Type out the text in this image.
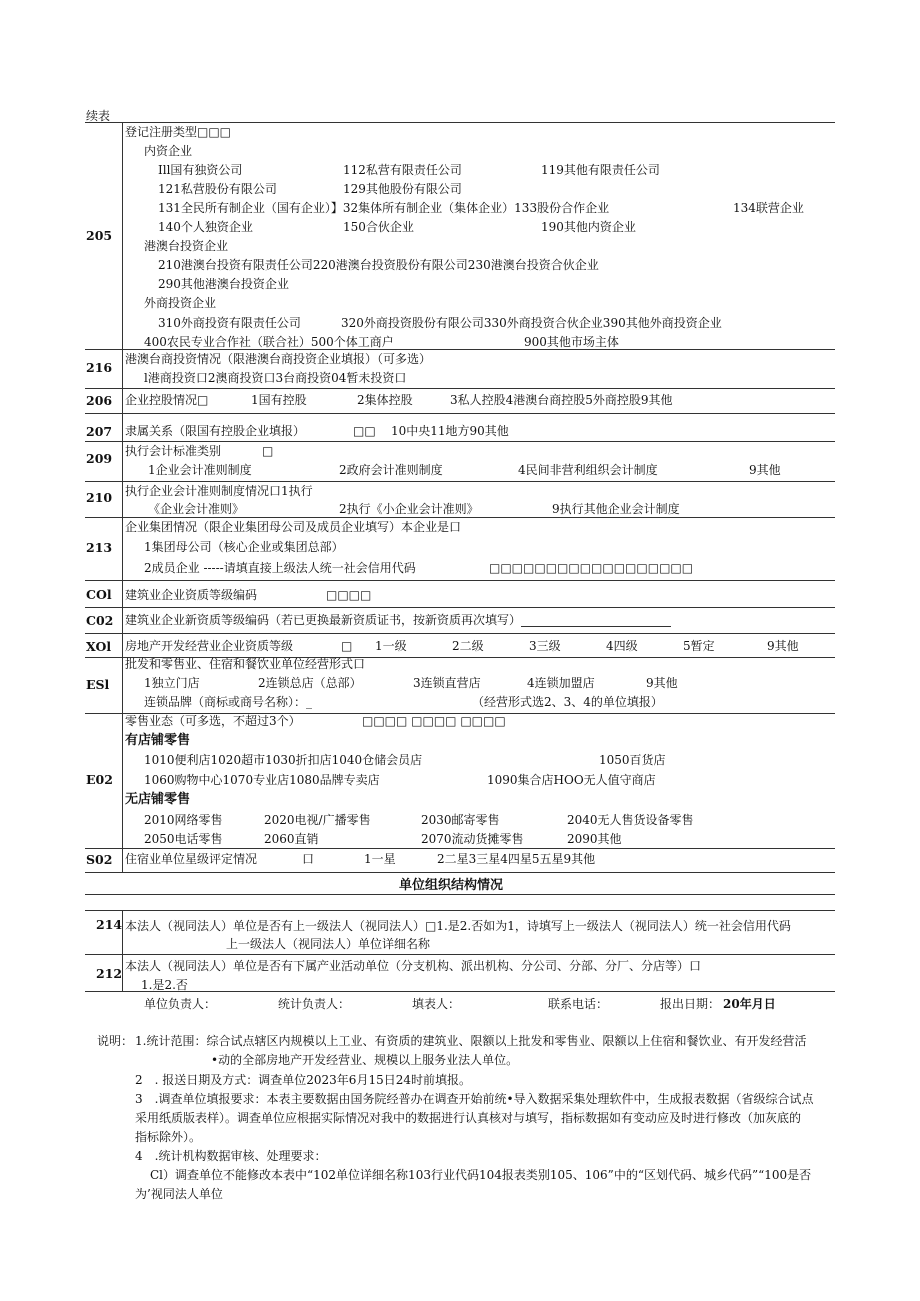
续表
205
登记注册类型□□□
内资企业
Ill国有独资公司	112私营有限责任公司	119其他有限责任公司
121私营股份有限公司	129其他股份有限公司
131全民所有制企业（国有企业）】32集体所有制企业（集体企业）133股份合作企业	134联营企业
140个人独资企业	150合伙企业	190其他内资企业
港澳台投资企业
210港澳台投资有限责任公司220港澳台投资股份有限公司230港澳台投资合伙企业
290其他港澳台投资企业
外商投资企业
310外商投资有限责任公司	320外商投资股份有限公司330外商投资合伙企业390其他外商投资企业
400农民专业合作社（联合社）500个体工商户	900其他市场主体
216
港澳台商投资情况（限港澳台商投资企业填报）（可多选）
l港商投资口2澳商投资口3台商投资04暂未投资口
206 企业控股情况□	1国有控股	2集体控股	3私人控股4港澳台商控股5外商控股9其他
207 隶属关系（限国有控股企业填报）	□□ 10中央11地方90其他
209 执行会计标准类别	□
1企业会计准则制度	2政府会计准则制度	4民间非营利组织会计制度	9其他
210 执行企业会计准则制度情况口1执行
《企业会计准则》	2执行《小企业会计准则》	9执行其他企业会计制度
213
企业集团情况（限企业集团母公司及成员企业填写）本企业是口
1集团母公司（核心企业或集团总部）
2成员企业 -----请填直接上级法人统一社会信用代码	□□□□□□□□□□□□□□□□□□
COl 建筑业企业资质等级编码	□□□□
C02 建筑业企业新资质等级编码（若已更换最新资质证书，按新资质再次填写）
XOl 房地产开发经营业企业资质等级	□ 1一级	2二级	3三级	4四级	5暂定	9其他
ESl
批发和零售业、住宿和餐饮业单位经营形式口
1独立门店	2连锁总店（总部）	3连锁直营店	4连锁加盟店	9其他
连锁品牌（商标或商号名称）：_	（经营形式选2、3、4的单位填报）
E02
零售业态（可多选，不超过3个）	□□□□ □□□□ □□□□
有店铺零售
1010便利店1020超市1030折扣店1040仓储会员店	1050百货店
1060购物中心1070专业店1080品牌专卖店	1090集合店HOO无人值守商店
无店铺零售
2010网络零售	2020电视/广播零售	2030邮寄零售	2040无人售货设备零售
2050电话零售	2060直销	2070流动货摊零售	2090其他
S02 住宿业单位星级评定情况	口	1一星	2二星3三星4四星5五星9其他
单位组织结构情况
214 本法人（视同法人）单位是否有上一级法人（视同法人）□1.是2.否如为1，诗填写上一级法人（视同法人）统一社会信用代码
上一级法人（视同法人）单位详细名称
212 本法人（视同法人）单位是否有下属产业活动单位（分支机构、派出机构、分公司、分部、分厂、分店等）口
1.是2.否
单位负责人：	统计负责人：	填表人：	联系电话：	报出日期： 20年月日
说明： 1.统计范围：综合试点辖区内规模以上工业、有资质的建筑业、限额以上批发和零售业、限额以上住宿和餐饮业、有开发经营活
•动的全部房地产开发经营业、规模以上服务业法人单位。
2　. 报送日期及方式：调查单位2023年6月15日24时前填报。
3　.调查单位填报要求：本表主要数据由国务院经普办在调查开始前统•导入数据采集处理软件中，生成报表数据（省级综合试点
采用纸质版表样）。调查单位应根据实际情况对我中的数据进行认真核对与填写，指标数据如有变动应及时进行修改（加灰底的
指标除外）。
4　.统计机构数据审核、处理要求：
Cl）调查单位不能修改本表中“102单位详细名称103行业代码104报表类别105、106”中的“区划代码、城乡代码”“100是否
为’视同法人单位
